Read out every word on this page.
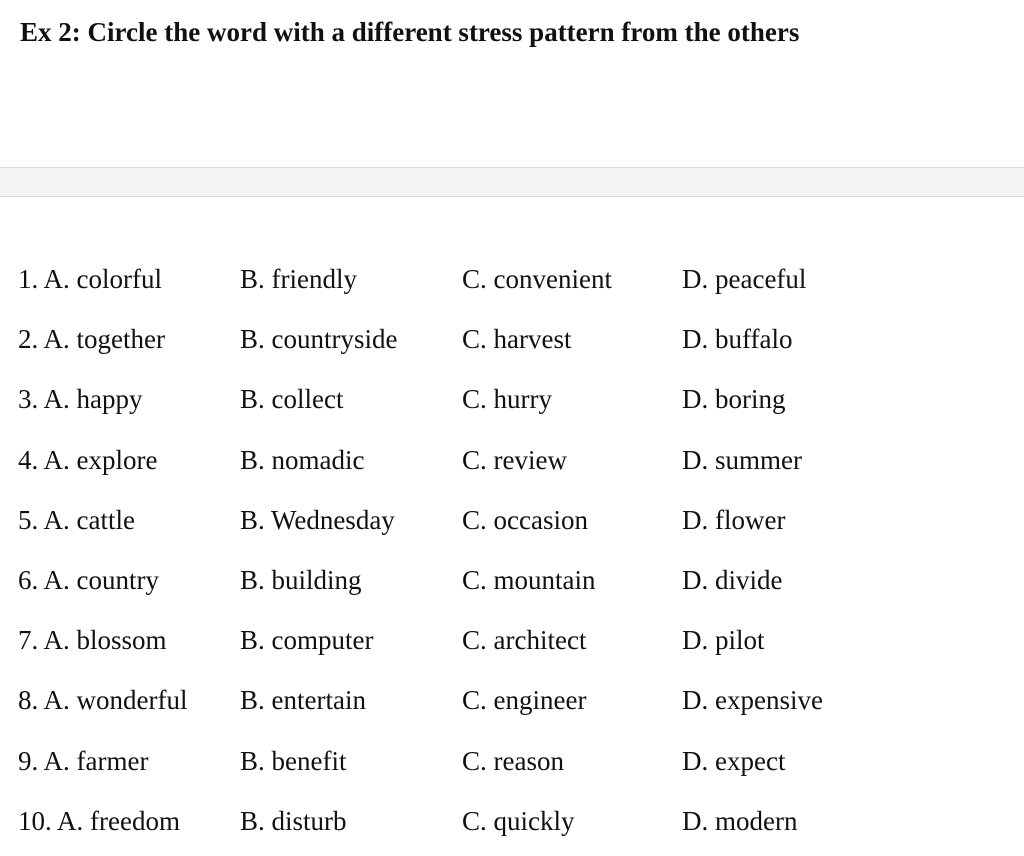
Ex 2: Circle the word with a different stress pattern from the others
1. A. colorful	B. friendly	C. convenient	D. peaceful
2. A. together	B. countryside C. harvest	D. buffalo
3. A. happy	B. collect	C. hurry	D. boring
4. A. explore	B. nomadic	C. review	D. summer
5. A. cattle	B. Wednesday C. occasion	D. flower
6. A. country	B. building	C. mountain	D. divide
7. A. blossom	B. computer	C. architect	D. pilot
8. A. wonderful B. entertain	C. engineer	D. expensive
9. A. farmer	B. benefit	C. reason	D. expect
10. A. freedom B. disturb	C. quickly	D. modern
